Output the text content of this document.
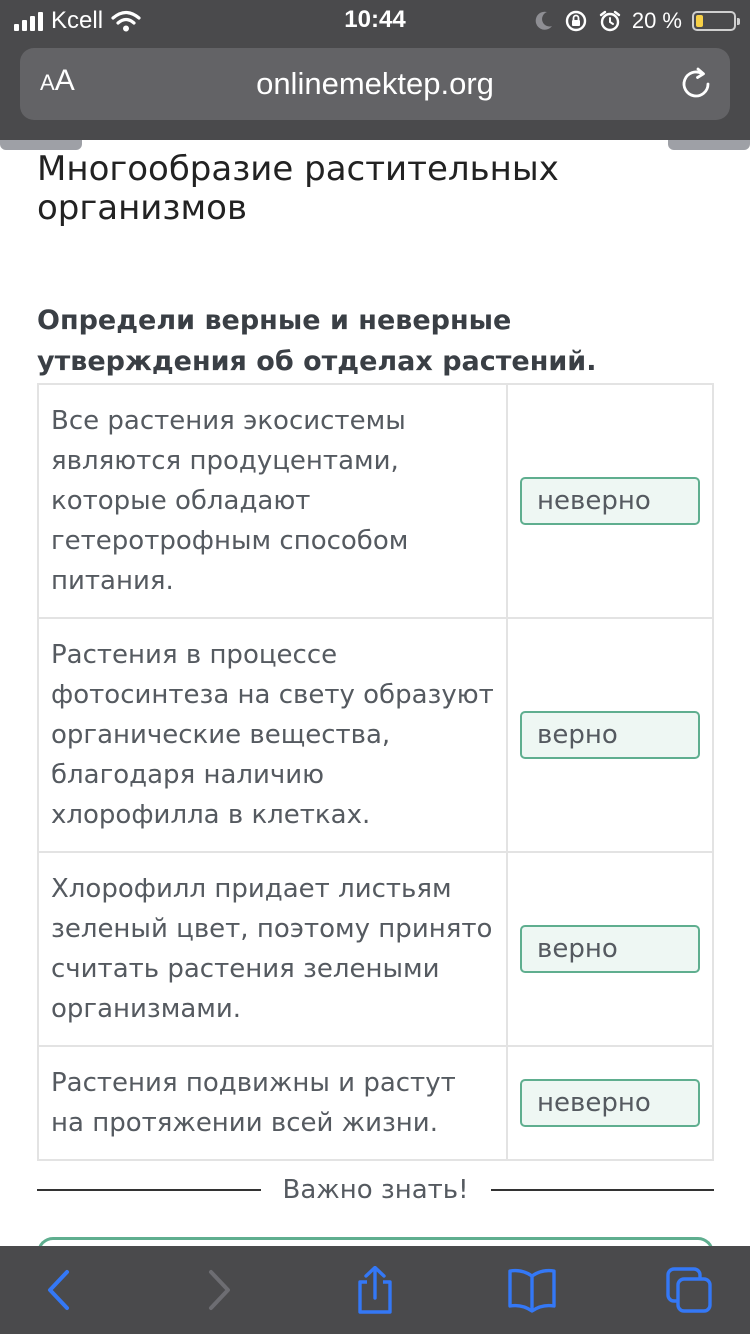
Kcell	10:44	20 %
A A	onlinemektep.org
Многообразие растительных организмов

Определи верные и неверные утверждения об отделах растений.

Все растения экосистемы являются продуцентами, которые обладают гетеротрофным способом питания.	неверно

Растения в процессе фотосинтеза на свету образуют органические вещества, благодаря наличию хлорофилла в клетках.	верно

Хлорофилл придает листьям зеленый цвет, поэтому принято считать растения зелеными организмами.	верно

Растения подвижны и растут на протяжении всей жизни.	неверно
Важно знать!
